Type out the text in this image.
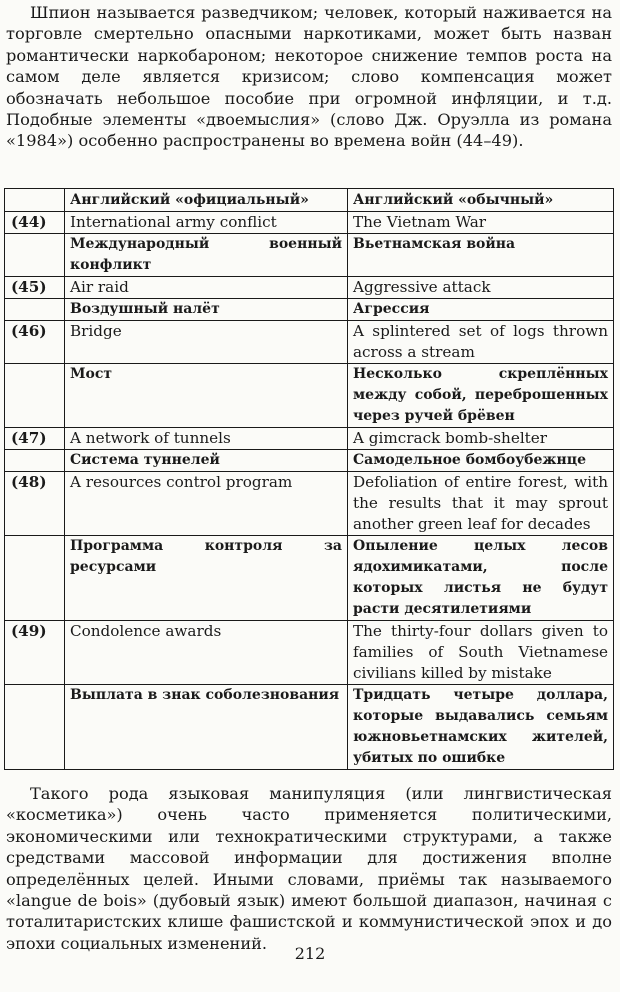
Шпион называется разведчиком; человек, который наживается на торговле смертельно опасными наркотиками, может быть назван романтически наркобароном; некоторое снижение темпов роста на самом деле является кризисом; слово компенсация может обозначать небольшое пособие при огромной инфляции, и т.д. Подобные элементы «двоемыслия» (слово Дж. Оруэлла из романа «1984») особенно распространены во времена войн (44–49).

	Английский «официальный»	Английский «обычный»
(44)	International army conflict	The Vietnam War
	Международный военный конфликт	Вьетнамская война
(45)	Air raid	Aggressive attack
	Воздушный налёт	Агрессия
(46)	Bridge	A splintered set of logs thrown across a stream
	Мост	Несколько скреплённых между собой, переброшенных через ручей брёвен
(47)	A network of tunnels	A gimcrack bomb-shelter
	Система туннелей	Самодельное бомбоубежнце
(48)	A resources control program	Defoliation of entire forest, with the results that it may sprout another green leaf for decades
	Программа контроля за ресурсами	Опыление целых лесов ядохимикатами, после которых листья не будут расти десятилетиями
(49)	Condolence awards	The thirty-four dollars given to families of South Vietnamese civilians killed by mistake
	Выплата в знак соболезнования	Тридцать четыре доллара, которые выдавались семьям южновьетнамских жителей, убитых по ошибке

Такого рода языковая манипуляция (или лингвистическая «косметика») очень часто применяется политическими, экономическими или технократическими структурами, а также средствами массовой информации для достижения вполне определённых целей. Иными словами, приёмы так называемого «langue de bois» (дубовый язык) имеют большой диапазон, начиная с тоталитаристских клише фашистской и коммунистической эпох и до эпохи социальных изменений.

212
